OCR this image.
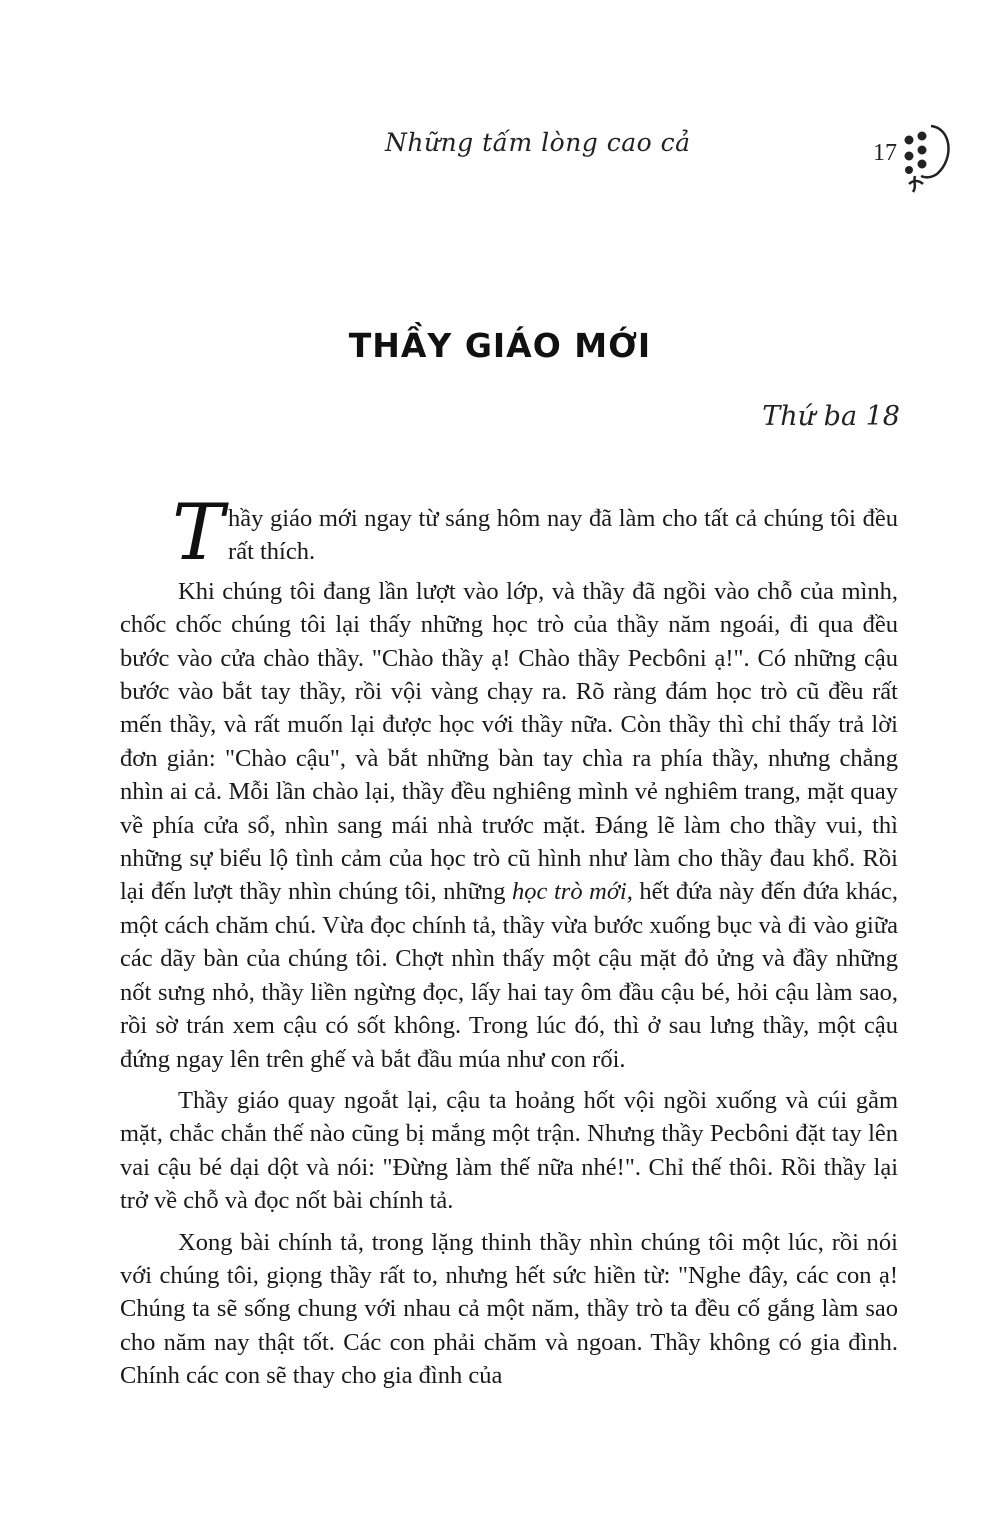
Những tấm lòng cao cả	17
THẦY GIÁO MỚI
Thứ ba 18

Thầy giáo mới ngay từ sáng hôm nay đã làm cho tất cả chúng tôi đều rất thích.

Khi chúng tôi đang lần lượt vào lớp, và thầy đã ngồi vào chỗ của mình, chốc chốc chúng tôi lại thấy những học trò của thầy năm ngoái, đi qua đều bước vào cửa chào thầy. "Chào thầy ạ! Chào thầy Pecbôni ạ!". Có những cậu bước vào bắt tay thầy, rồi vội vàng chạy ra. Rõ ràng đám học trò cũ đều rất mến thầy, và rất muốn lại được học với thầy nữa. Còn thầy thì chỉ thấy trả lời đơn giản: "Chào cậu", và bắt những bàn tay chìa ra phía thầy, nhưng chẳng nhìn ai cả. Mỗi lần chào lại, thầy đều nghiêng mình vẻ nghiêm trang, mặt quay về phía cửa sổ, nhìn sang mái nhà trước mặt. Đáng lẽ làm cho thầy vui, thì những sự biểu lộ tình cảm của học trò cũ hình như làm cho thầy đau khổ. Rồi lại đến lượt thầy nhìn chúng tôi, những học trò mới, hết đứa này đến đứa khác, một cách chăm chú. Vừa đọc chính tả, thầy vừa bước xuống bục và đi vào giữa các dãy bàn của chúng tôi. Chợt nhìn thấy một cậu mặt đỏ ửng và đầy những nốt sưng nhỏ, thầy liền ngừng đọc, lấy hai tay ôm đầu cậu bé, hỏi cậu làm sao, rồi sờ trán xem cậu có sốt không. Trong lúc đó, thì ở sau lưng thầy, một cậu đứng ngay lên trên ghế và bắt đầu múa như con rối.

Thầy giáo quay ngoắt lại, cậu ta hoảng hốt vội ngồi xuống và cúi gằm mặt, chắc chắn thế nào cũng bị mắng một trận. Nhưng thầy Pecbôni đặt tay lên vai cậu bé dại dột và nói: "Đừng làm thế nữa nhé!". Chỉ thế thôi. Rồi thầy lại trở về chỗ và đọc nốt bài chính tả.

Xong bài chính tả, trong lặng thinh thầy nhìn chúng tôi một lúc, rồi nói với chúng tôi, giọng thầy rất to, nhưng hết sức hiền từ: "Nghe đây, các con ạ! Chúng ta sẽ sống chung với nhau cả một năm, thầy trò ta đều cố gắng làm sao cho năm nay thật tốt. Các con phải chăm và ngoan. Thầy không có gia đình. Chính các con sẽ thay cho gia đình của
